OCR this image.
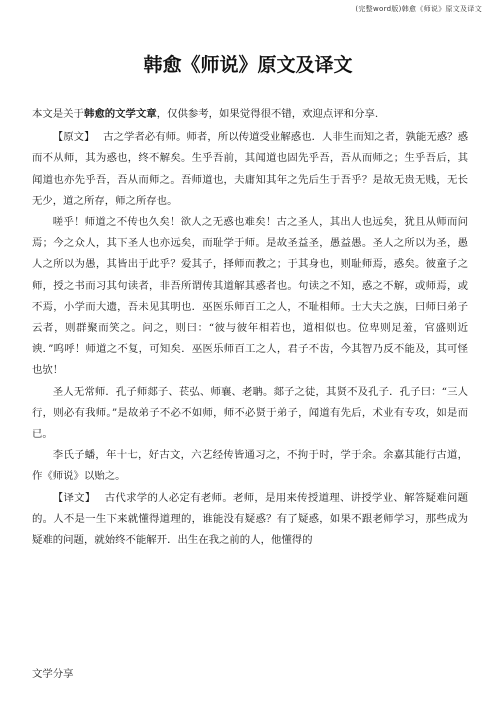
(完整word版)韩愈《师说》原文及译文
韩愈《师说》原文及译文

本文是关于韩愈的文学文章，仅供参考，如果觉得很不错，欢迎点评和分享.

【原文】　 古之学者必有师。师者，所以传道受业解惑也．人非生而知之者，孰能无惑？惑而不从师，其为惑也，终不解矣。生乎吾前，其闻道也固先乎吾，吾从而师之；生乎吾后，其闻道也亦先乎吾，吾从而师之。吾师道也，夫庸知其年之先后生于吾乎？是故无贵无贱，无长无少，道之所存，师之所存也。

嗟乎！师道之不传也久矣！欲人之无惑也难矣！古之圣人，其出人也远矣，犹且从师而问焉；今之众人，其下圣人也亦远矣，而耻学于师。是故圣益圣，愚益愚。圣人之所以为圣，愚人之所以为愚，其皆出于此乎？爱其子，择师而教之；于其身也，则耻师焉，惑矣。彼童子之师，授之书而习其句读者，非吾所谓传其道解其惑者也。句读之不知，惑之不解，或师焉，或不焉，小学而大遗，吾未见其明也．巫医乐师百工之人，不耻相师。士大夫之族，曰师曰弟子云者，则群聚而笑之。问之，则曰：“彼与彼年相若也，道相似也。位卑则足羞，官盛则近谀．”呜呼！师道之不复，可知矣．巫医乐师百工之人，君子不齿，今其智乃反不能及，其可怪也欤！

圣人无常师．孔子师郯子、苌弘、师襄、老聃。郯子之徒，其贤不及孔子．孔子曰：“三人行，则必有我师。”是故弟子不必不如师，师不必贤于弟子，闻道有先后，术业有专攻，如是而已。

李氏子蟠，年十七，好古文，六艺经传皆通习之，不拘于时，学于余。余嘉其能行古道，作《师说》以贻之。

【译文】　 古代求学的人必定有老师。老师，是用来传授道理、讲授学业、解答疑难问题的。人不是一生下来就懂得道理的，谁能没有疑惑？有了疑惑，如果不跟老师学习，那些成为疑难的问题，就始终不能解开．出生在我之前的人，他懂得的

文学分享
